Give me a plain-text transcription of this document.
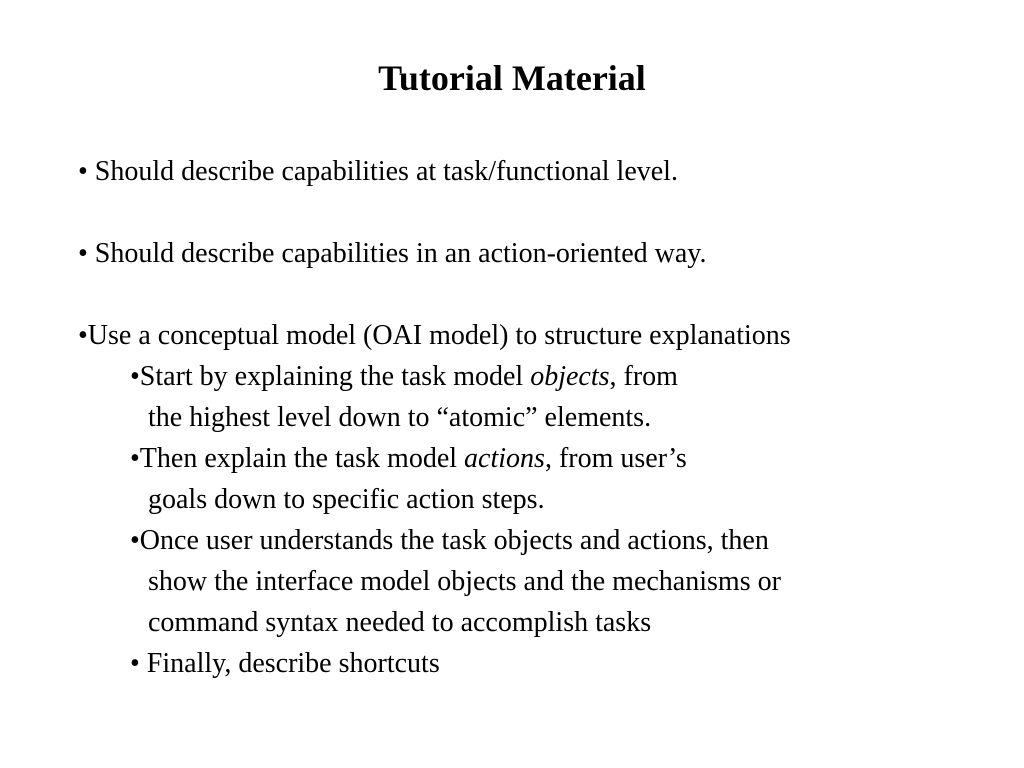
Tutorial Material

• Should describe capabilities at task/functional level.

• Should describe capabilities in an action-oriented way.

•Use a conceptual model (OAI model) to structure explanations

•Start by explaining the task model objects, from

the highest level down to “atomic” elements.

•Then explain the task model actions, from user’s

goals down to specific action steps.

•Once user understands the task objects and actions, then

show the interface model objects and the mechanisms or

command syntax needed to accomplish tasks

• Finally, describe shortcuts
